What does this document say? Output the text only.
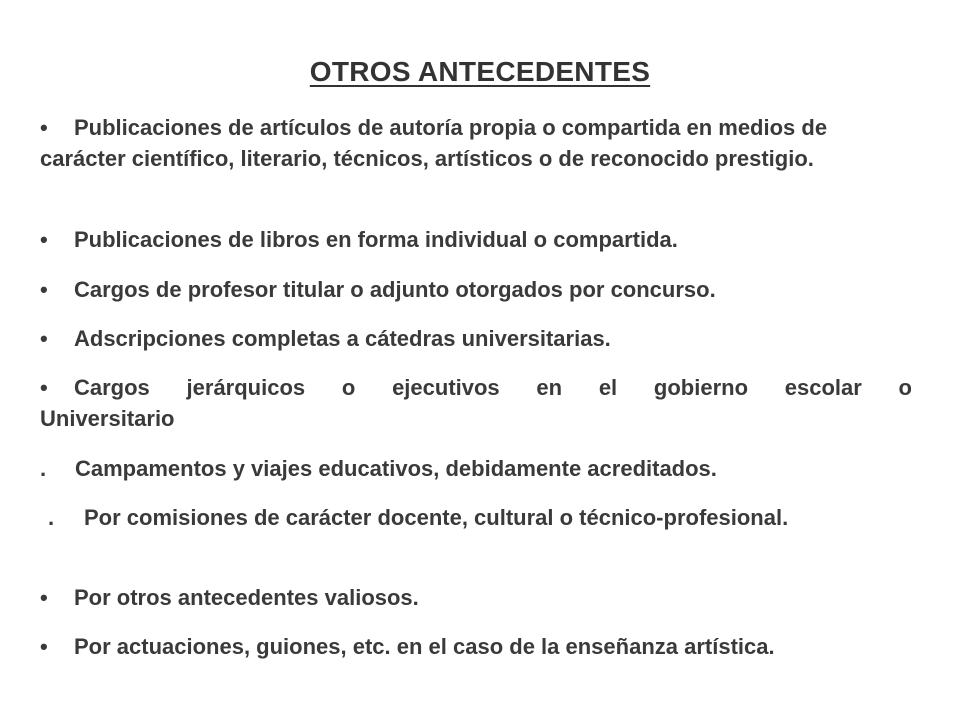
OTROS ANTECEDENTES
• Publicaciones de artículos de autoría propia o compartida en medios de carácter científico, literario, técnicos, artísticos o de reconocido prestigio.
• Publicaciones de libros en forma individual o compartida.
• Cargos de profesor titular o adjunto otorgados por concurso.
• Adscripciones completas a cátedras universitarias.
• Cargos jerárquicos o ejecutivos en el gobierno escolar o Universitario
. Campamentos y viajes educativos, debidamente acreditados.
. Por comisiones de carácter docente, cultural o técnico-profesional.
• Por otros antecedentes valiosos.
• Por actuaciones, guiones, etc. en el caso de la enseñanza artística.
